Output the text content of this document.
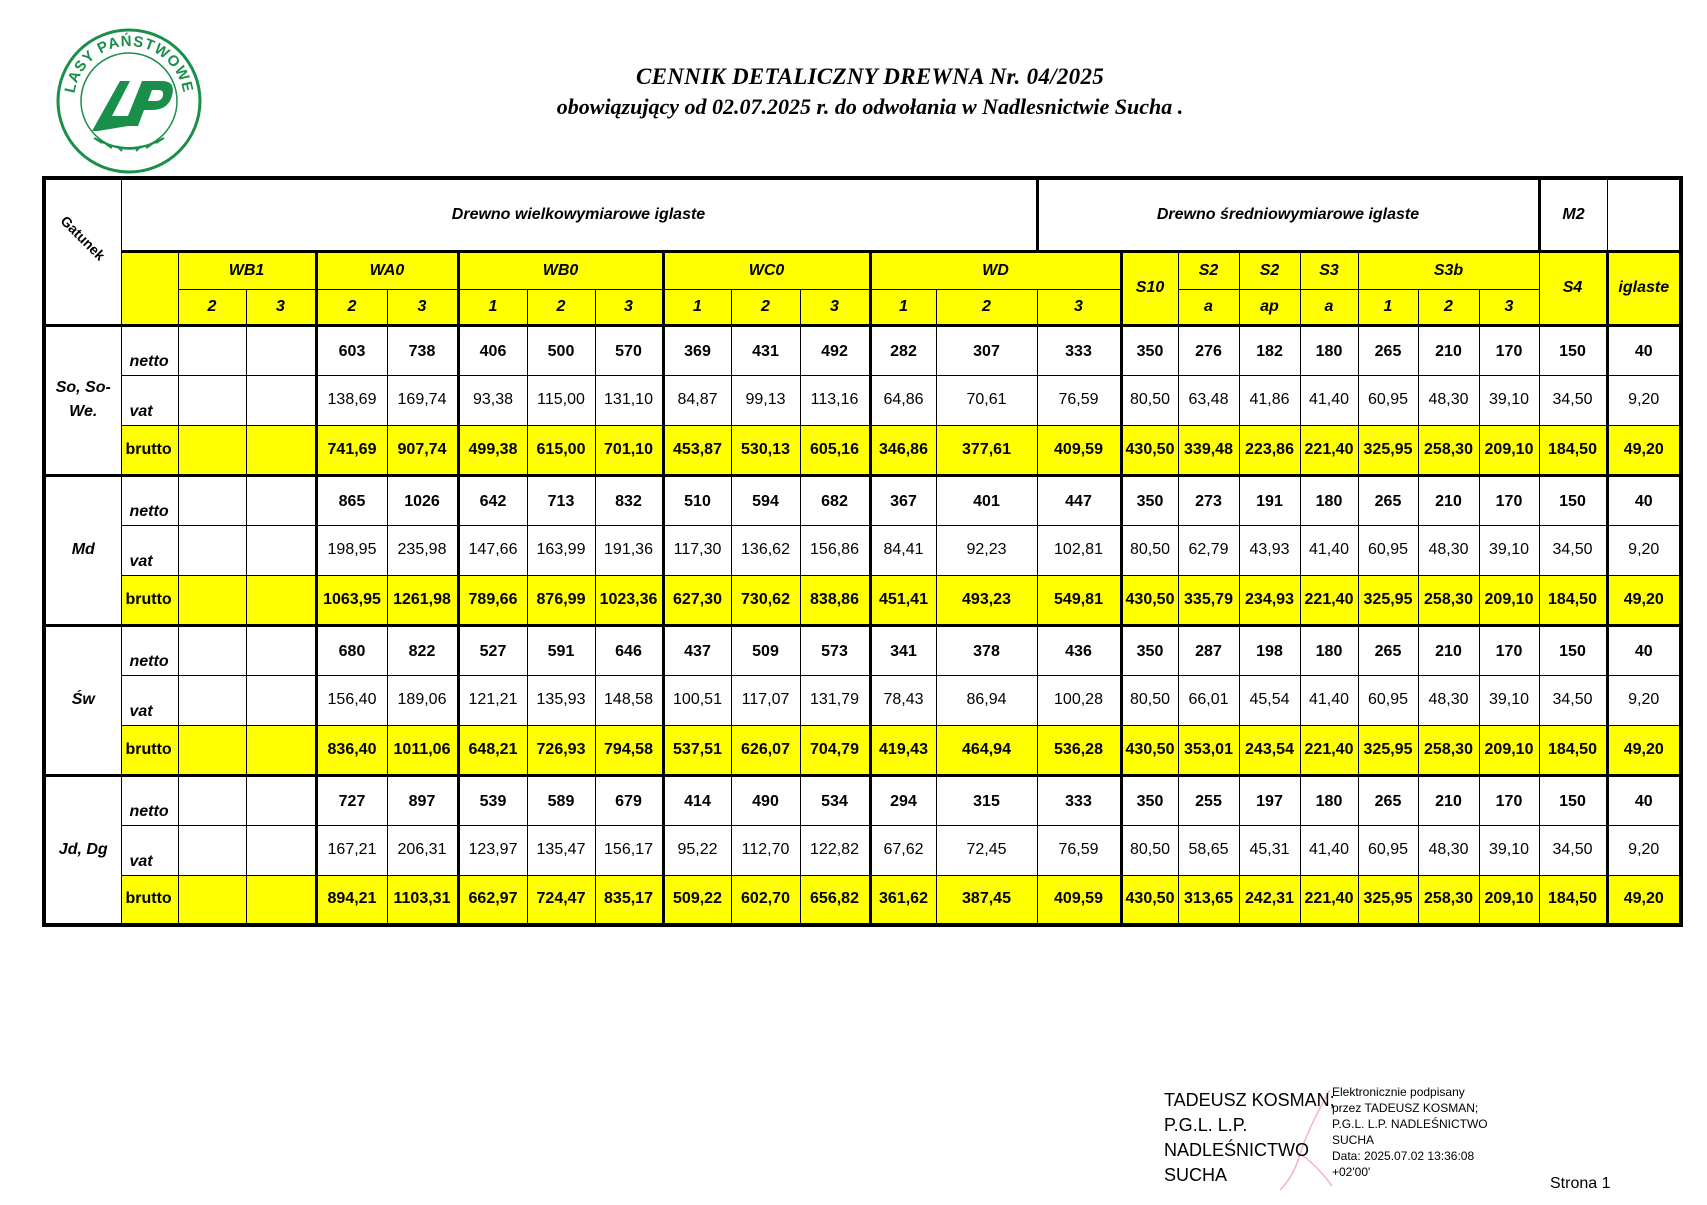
LASY PAŃSTWOWE	CENNIK DETALICZNY DREWNA Nr. 04/2025
obowiązujący od 02.07.2025 r. do odwołania w Nadlesnictwie Sucha .
Gatunek	Drewno wielkowymiarowe iglaste													Drewno średniowymiarowe iglaste								M2	
		WB1		WA0		WB0			WC0			WD			S10	S2	S2	S3	S3b			S4	iglaste
		2	3	2	3	1	2	3	1	2	3	1	2	3		a	ap	a	1	2	3		
So, So-We.	netto			603	738	406	500	570	369	431	492	282	307	333	350	276	182	180	265	210	170	150	40
	vat			138,69	169,74	93,38	115,00	131,10	84,87	99,13	113,16	64,86	70,61	76,59	80,50	63,48	41,86	41,40	60,95	48,30	39,10	34,50	9,20
	brutto			741,69	907,74	499,38	615,00	701,10	453,87	530,13	605,16	346,86	377,61	409,59	430,50	339,48	223,86	221,40	325,95	258,30	209,10	184,50	49,20
Md	netto			865	1026	642	713	832	510	594	682	367	401	447	350	273	191	180	265	210	170	150	40
	vat			198,95	235,98	147,66	163,99	191,36	117,30	136,62	156,86	84,41	92,23	102,81	80,50	62,79	43,93	41,40	60,95	48,30	39,10	34,50	9,20
	brutto			1063,95	1261,98	789,66	876,99	1023,36	627,30	730,62	838,86	451,41	493,23	549,81	430,50	335,79	234,93	221,40	325,95	258,30	209,10	184,50	49,20
Św	netto			680	822	527	591	646	437	509	573	341	378	436	350	287	198	180	265	210	170	150	40
	vat			156,40	189,06	121,21	135,93	148,58	100,51	117,07	131,79	78,43	86,94	100,28	80,50	66,01	45,54	41,40	60,95	48,30	39,10	34,50	9,20
	brutto			836,40	1011,06	648,21	726,93	794,58	537,51	626,07	704,79	419,43	464,94	536,28	430,50	353,01	243,54	221,40	325,95	258,30	209,10	184,50	49,20
Jd, Dg	netto			727	897	539	589	679	414	490	534	294	315	333	350	255	197	180	265	210	170	150	40
	vat			167,21	206,31	123,97	135,47	156,17	95,22	112,70	122,82	67,62	72,45	76,59	80,50	58,65	45,31	41,40	60,95	48,30	39,10	34,50	9,20
	brutto			894,21	1103,31	662,97	724,47	835,17	509,22	602,70	656,82	361,62	387,45	409,59	430,50	313,65	242,31	221,40	325,95	258,30	209,10	184,50	49,20
TADEUSZ KOSMAN;
P.G.L. L.P.
NADLEŚNICTWO
SUCHA
Elektronicznie podpisany
przez TADEUSZ KOSMAN;
P.G.L. L.P. NADLEŚNICTWO
SUCHA
Data: 2025.07.02 13:36:08
+02'00'
Strona 1
